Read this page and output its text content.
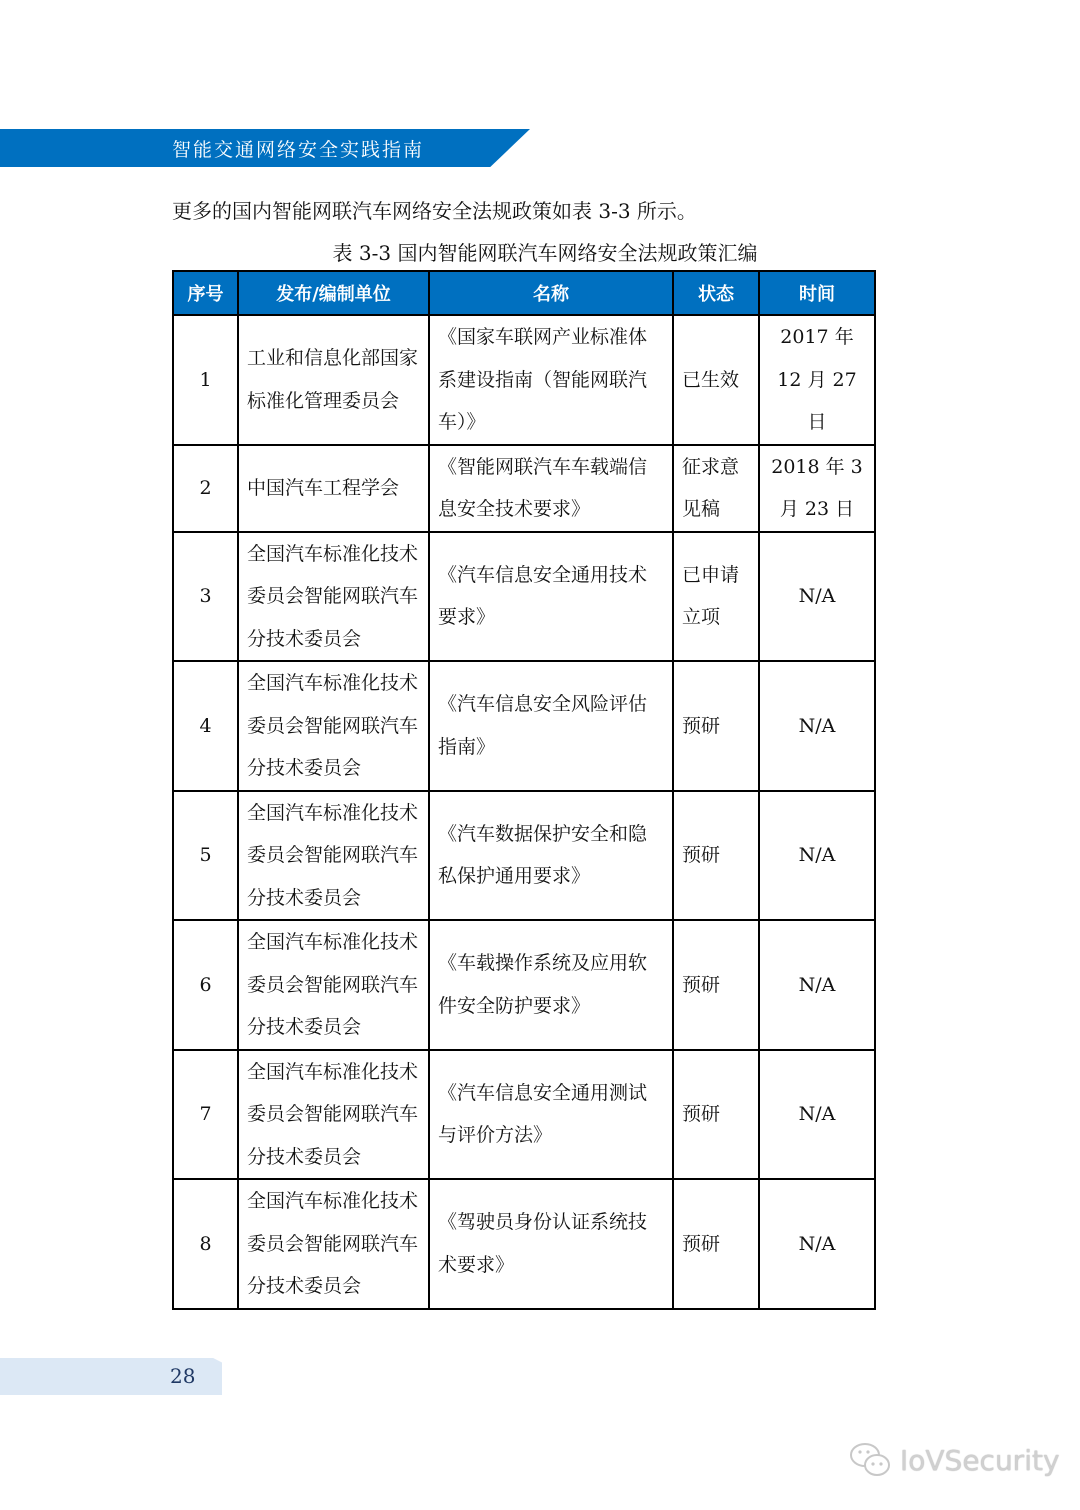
智能交通网络安全实践指南
更多的国内智能网联汽车网络安全法规政策如表 3-3 所示。
表 3-3 国内智能网联汽车网络安全法规政策汇编
序号	发布/编制单位	名称	状态	时间
1	工业和信息化部国家标准化管理委员会	《国家车联网产业标准体系建设指南（智能网联汽车）》	已生效	2017 年 12 月 27 日
2	中国汽车工程学会	《智能网联汽车车载端信息安全技术要求》	征求意见稿	2018 年 3 月 23 日
3	全国汽车标准化技术委员会智能网联汽车分技术委员会	《汽车信息安全通用技术要求》	已申请立项	N/A
4	全国汽车标准化技术委员会智能网联汽车分技术委员会	《汽车信息安全风险评估指南》	预研	N/A
5	全国汽车标准化技术委员会智能网联汽车分技术委员会	《汽车数据保护安全和隐私保护通用要求》	预研	N/A
6	全国汽车标准化技术委员会智能网联汽车分技术委员会	《车载操作系统及应用软件安全防护要求》	预研	N/A
7	全国汽车标准化技术委员会智能网联汽车分技术委员会	《汽车信息安全通用测试与评价方法》	预研	N/A
8	全国汽车标准化技术委员会智能网联汽车分技术委员会	《驾驶员身份认证系统技术要求》	预研	N/A
28
IoVSecurity
